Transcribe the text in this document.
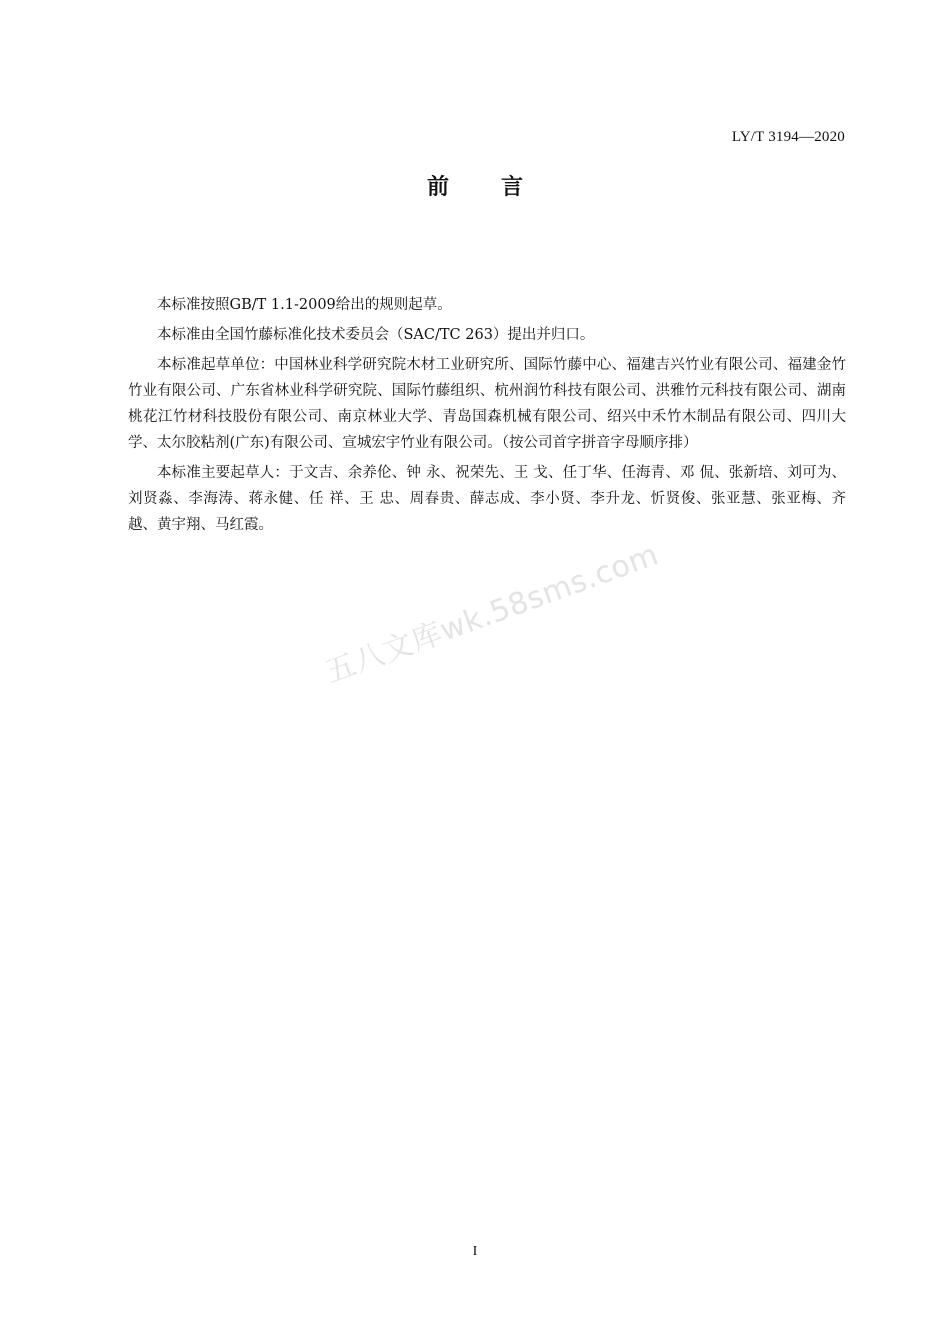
LY/T 3194—2020
前 言

本标准按照GB/T 1.1-2009给出的规则起草。

本标准由全国竹藤标准化技术委员会（SAC/TC 263）提出并归口。

本标准起草单位：中国林业科学研究院木材工业研究所、国际竹藤中心、福建吉兴竹业有限公司、福建金竹竹业有限公司、广东省林业科学研究院、国际竹藤组织、杭州润竹科技有限公司、洪雅竹元科技有限公司、湖南桃花江竹材科技股份有限公司、南京林业大学、青岛国森机械有限公司、绍兴中禾竹木制品有限公司、四川大学、太尔胶粘剂(广东)有限公司、宣城宏宇竹业有限公司。（按公司首字拼音字母顺序排）

本标准主要起草人：于文吉、余养伦、钟 永、祝荣先、王 戈、任丁华、任海青、邓 侃、张新培、刘可为、刘贤淼、李海涛、蒋永健、任 祥、王 忠、周春贵、薛志成、李小贤、李升龙、忻贤俊、张亚慧、张亚梅、齐越、黄宇翔、马红霞。

五八文库wk.58sms.com
I
